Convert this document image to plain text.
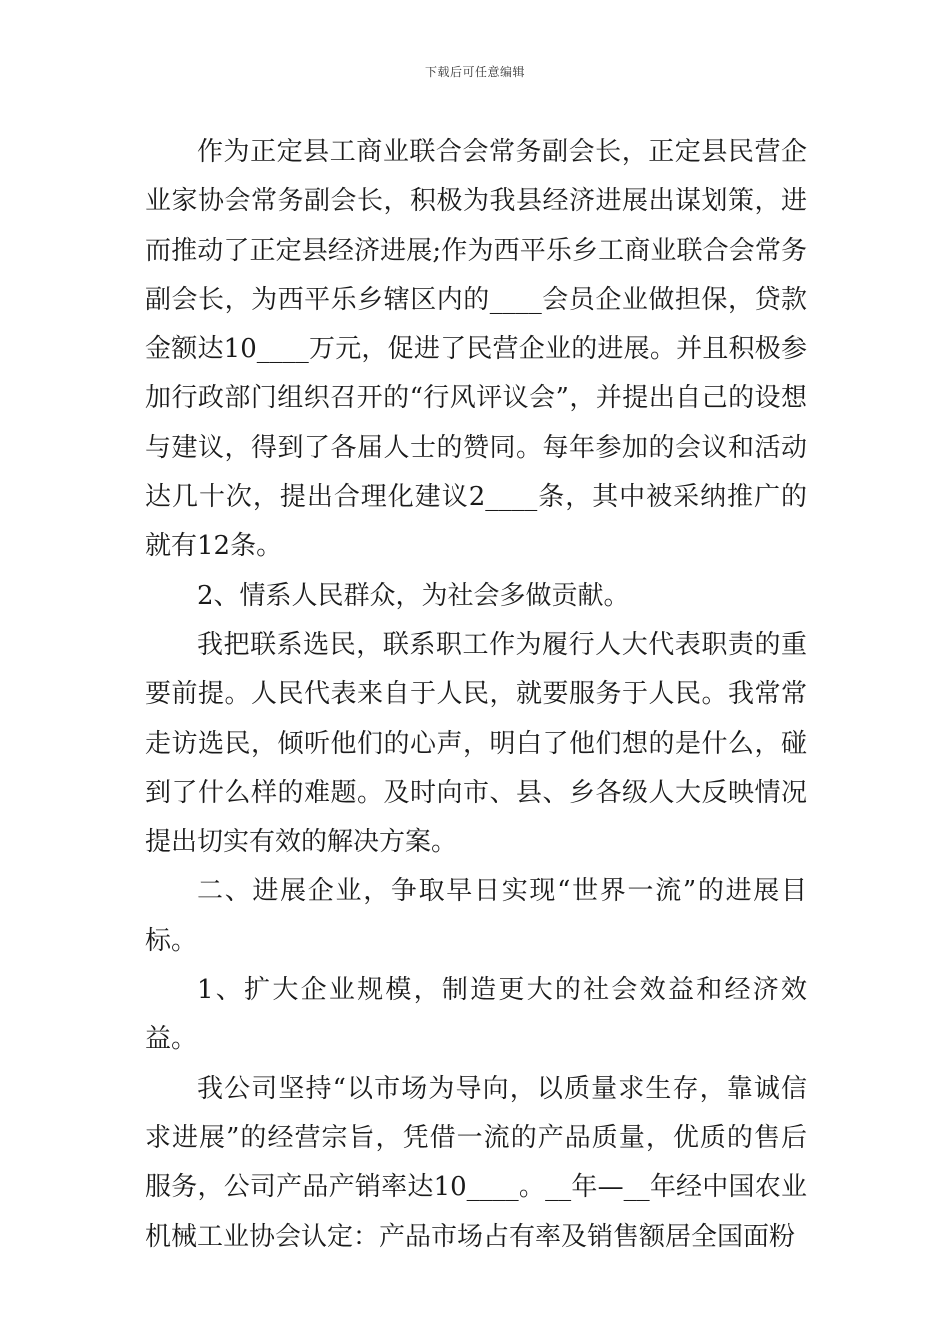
下载后可任意编辑

作为正定县工商业联合会常务副会长，正定县民营企业家协会常务副会长，积极为我县经济进展出谋划策，进而推动了正定县经济进展;作为西平乐乡工商业联合会常务副会长，为西平乐乡辖区内的____会员企业做担保，贷款金额达10____万元，促进了民营企业的进展。并且积极参加行政部门组织召开的“行风评议会”，并提出自己的设想与建议，得到了各届人士的赞同。每年参加的会议和活动达几十次，提出合理化建议2____条，其中被采纳推广的就有12条。

2、情系人民群众，为社会多做贡献。

我把联系选民，联系职工作为履行人大代表职责的重要前提。人民代表来自于人民，就要服务于人民。我常常走访选民，倾听他们的心声，明白了他们想的是什么，碰到了什么样的难题。及时向市、县、乡各级人大反映情况提出切实有效的解决方案。

二、进展企业，争取早日实现“世界一流”的进展目标。

1、扩大企业规模，制造更大的社会效益和经济效益。

我公司坚持“以市场为导向，以质量求生存，靠诚信求进展”的经营宗旨，凭借一流的产品质量，优质的售后服务，公司产品产销率达10____。__年—__年经中国农业机械工业协会认定：产品市场占有率及销售额居全国面粉
